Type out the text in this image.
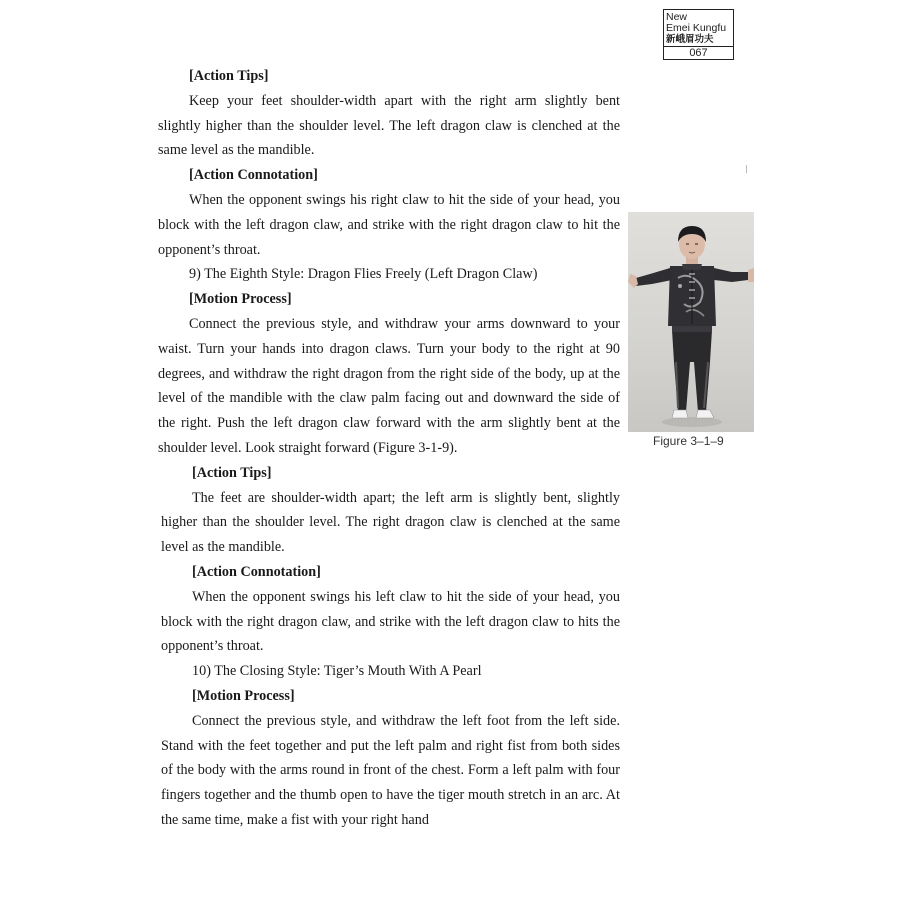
New
Emei Kungfu
新峨眉功夫
067

[Action Tips]

Keep your feet shoulder-width apart with the right arm slightly bent slightly higher than the shoulder level. The left dragon claw is clenched at the same level as the mandible.

[Action Connotation]

When the opponent swings his right claw to hit the side of your head, you block with the left dragon claw, and strike with the right dragon claw to hit the opponent’s throat.

9) The Eighth Style: Dragon Flies Freely (Left Dragon Claw)

[Motion Process]

Connect the previous style, and withdraw your arms downward to your waist. Turn your hands into dragon claws. Turn your body to the right at 90 degrees, and withdraw the right dragon from the right side of the body, up at the level of the mandible with the claw palm facing out and downward the side of the right. Push the left dragon claw forward with the arm slightly bent at the shoulder level. Look straight forward (Figure 3-1-9).

[Action Tips]

The feet are shoulder-width apart; the left arm is slightly bent, slightly higher than the shoulder level. The right dragon claw is clenched at the same level as the mandible.

[Action Connotation]

When the opponent swings his left claw to hit the side of your head, you block with the right dragon claw, and strike with the left dragon claw to hits the opponent’s throat.

10) The Closing Style: Tiger’s Mouth With A Pearl

[Motion Process]

Connect the previous style, and withdraw the left foot from the left side. Stand with the feet together and put the left palm and right fist from both sides of the body with the arms round in front of the chest. Form a left palm with four fingers together and the thumb open to have the tiger mouth stretch in an arc. At the same time, make a fist with your right hand

Figure 3–1–9
